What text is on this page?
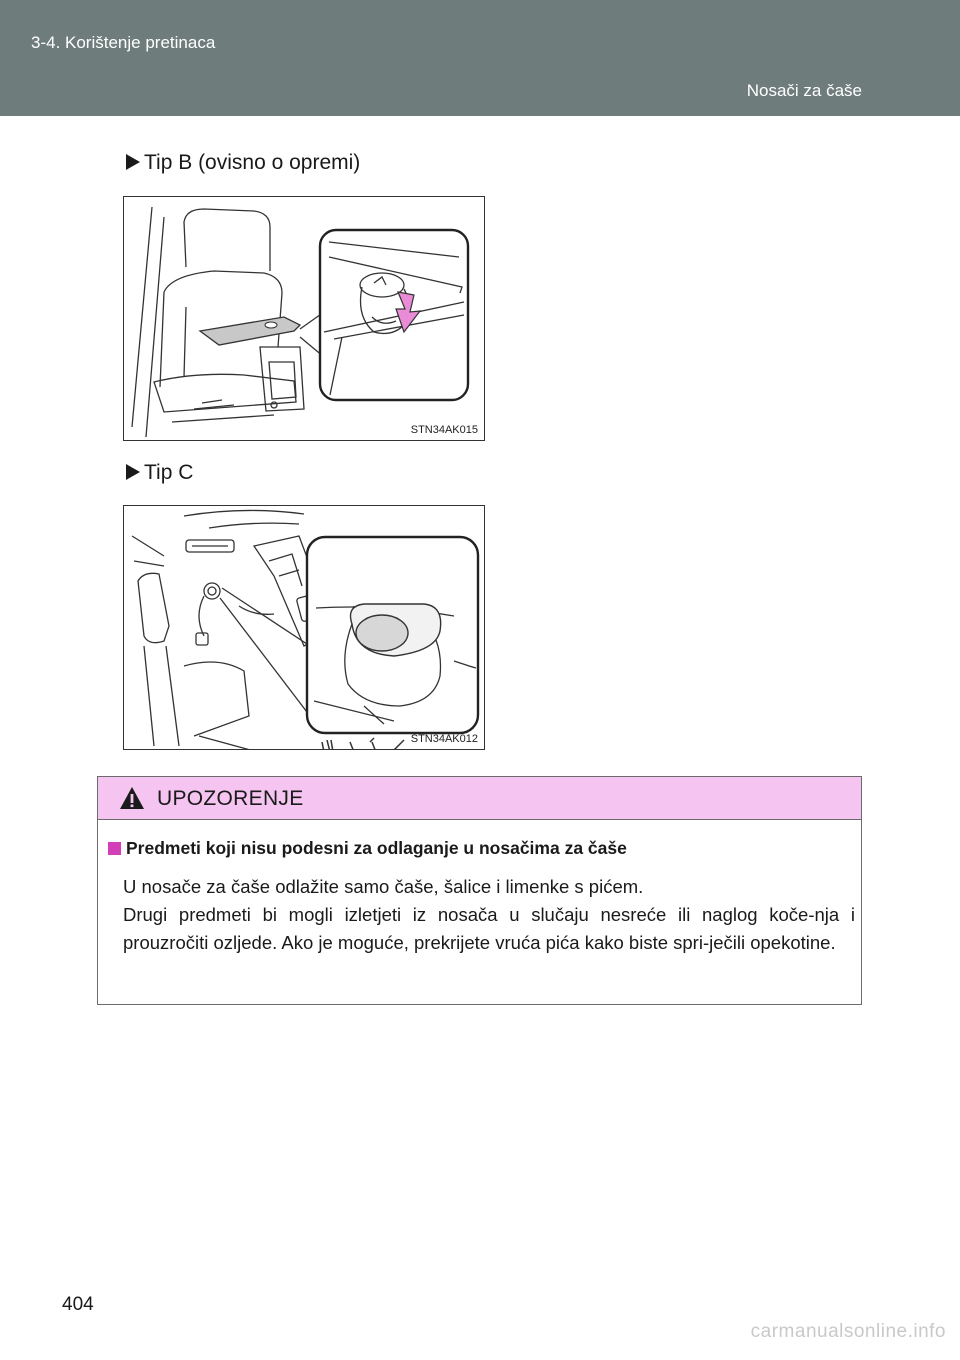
3-4. Korištenje pretinaca
Nosači za čaše
Tip B (ovisno o opremi)
STN34AK015
Tip C
STN34AK012
UPOZORENJE
Predmeti koji nisu podesni za odlaganje u nosačima za čaše

U nosače za čaše odlažite samo čaše, šalice i limenke s pićem.

Drugi predmeti bi mogli izletjeti iz nosača u slučaju nesreće ili naglog koče-nja i prouzročiti ozljede. Ako je moguće, prekrijete vruća pića kako biste spri-ječili opekotine.

404
carmanualsonline.info
